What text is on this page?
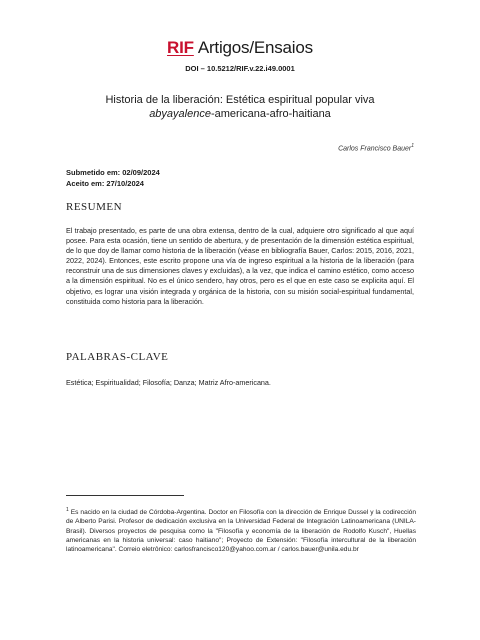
RIF Artigos/Ensaios
DOI – 10.5212/RIF.v.22.i49.0001
Historia de la liberación: Estética espiritual popular viva
abyayalence-americana-afro-haitiana
Carlos Francisco Bauer$^1$
Submetido em: 02/09/2024
Aceito em: 27/10/2024
RESUMEN
El trabajo presentado, es parte de una obra extensa, dentro de la cual, adquiere otro significado al que aquí posee. Para esta ocasión, tiene un sentido de abertura, y de presentación de la dimensión estética espiritual, de lo que doy de llamar como historia de la liberación (véase en bibliografía Bauer, Carlos: 2015, 2016, 2021, 2022, 2024). Entonces, este escrito propone una vía de ingreso espiritual a la historia de la liberación (para reconstruir una de sus dimensiones claves y excluidas), a la vez, que indica el camino estético, como acceso a la dimensión espiritual. No es el único sendero, hay otros, pero es el que en este caso se explicita aquí. El objetivo, es lograr una visión integrada y orgánica de la historia, con su misión social-espiritual fundamental, constituida como historia para la liberación.
PALABRAS-CLAVE
Estética; Espiritualidad; Filosofía; Danza; Matriz Afro-americana.
$^1$ Es nacido en la ciudad de Córdoba-Argentina. Doctor en Filosofía con la dirección de Enrique Dussel y la codirección de Alberto Parisi. Profesor de dedicación exclusiva en la Universidad Federal de Integración Latinoamericana (UNILA-Brasil). Diversos proyectos de pesquisa como la "Filosofía y economía de la liberación de Rodolfo Kusch", Huellas americanas en la historia universal: caso haitiano"; Proyecto de Extensión: "Filosofía intercultural de la liberación latinoamericana". Correio eletrônico: carlosfrancisco120@yahoo.com.ar / carlos.bauer@unila.edu.br
